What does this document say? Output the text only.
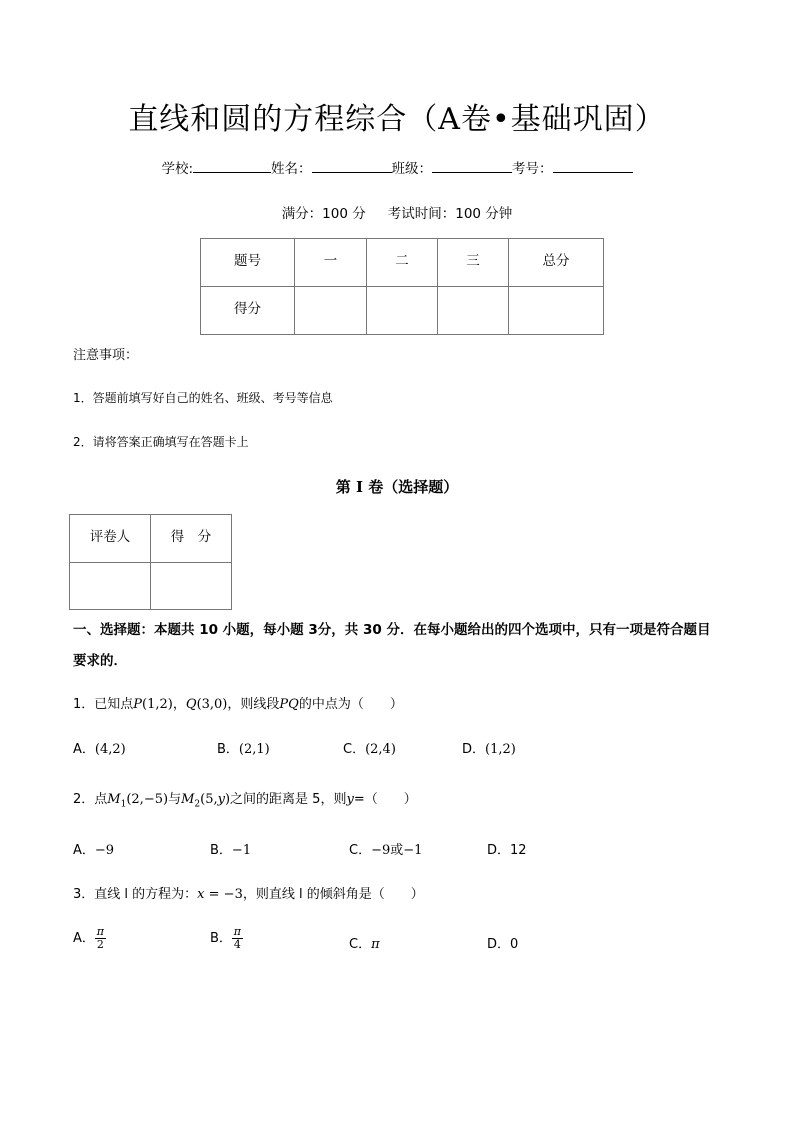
直线和圆的方程综合（A卷•基础巩固）
学校:	姓名：	班级：	考号：
满分：100 分 考试时间：100 分钟
题号	一	二	三	总分
得分				
注意事项：
1．答题前填写好自己的姓名、班级、考号等信息
2．请将答案正确填写在答题卡上
第 I 卷（选择题）
评卷人	得　分

一、选择题：本题共 10 小题，每小题 3分，共 30 分．在每小题给出的四个选项中，只有一项是符合题目
要求的．
1．已知点P(1,2)，Q(3,0)，则线段PQ的中点为（　　）
A．(4,2)	B．(2,1)	C．(2,4)	D．(1,2)
2．点$M_1(2,-5)$与$M_2(5,y)$之间的距离是 5，则y=（　　）
A．−9	B．−1	C．−9或−1	D．12
3．直线 l 的方程为：x = −3，则直线 l 的倾斜角是（　　）
A． $\frac{\pi}{2}$	B． $\frac{\pi}{4}$	C．π	D．0
